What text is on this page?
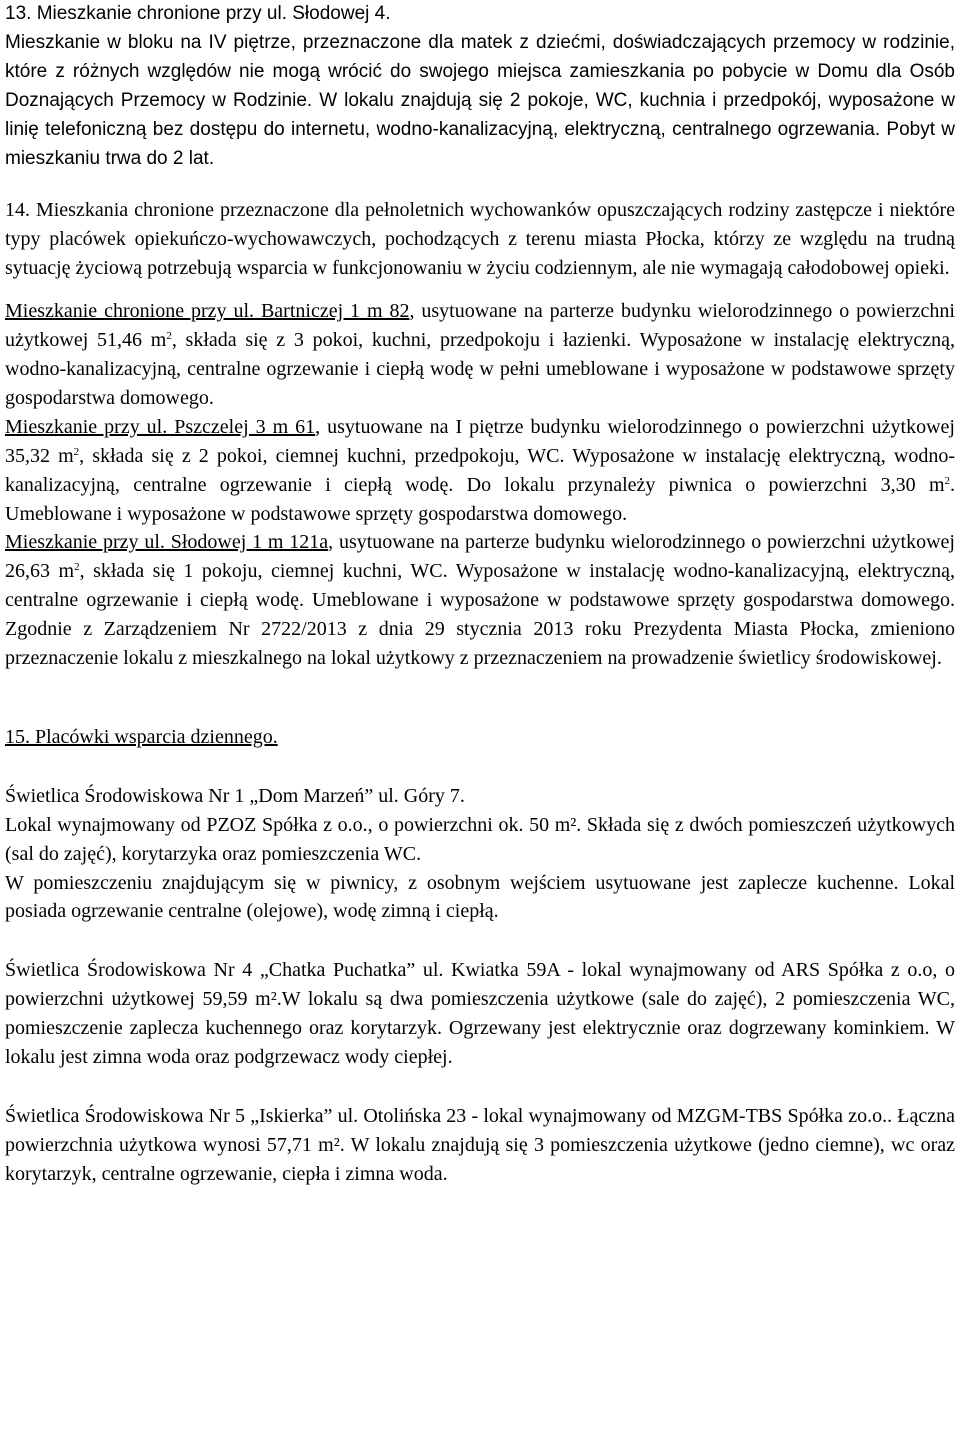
13. Mieszkanie chronione przy ul. Słodowej 4.

Mieszkanie w bloku na IV piętrze, przeznaczone dla matek z dziećmi, doświadczających przemocy w rodzinie, które z różnych względów nie mogą wrócić do swojego miejsca zamieszkania po pobycie w Domu dla Osób Doznających Przemocy w Rodzinie. W lokalu znajdują się 2 pokoje, WC, kuchnia i przedpokój, wyposażone w linię telefoniczną bez dostępu do internetu, wodno-kanalizacyjną, elektryczną, centralnego ogrzewania. Pobyt w mieszkaniu trwa do 2 lat.

14. Mieszkania chronione przeznaczone dla pełnoletnich wychowanków opuszczających rodziny zastępcze i niektóre typy placówek opiekuńczo-wychowawczych, pochodzących z terenu miasta Płocka, którzy ze względu na trudną sytuację życiową potrzebują wsparcia w funkcjonowaniu w życiu codziennym, ale nie wymagają całodobowej opieki.

Mieszkanie chronione przy ul. Bartniczej 1 m 82, usytuowane na parterze budynku wielorodzinnego o powierzchni użytkowej 51,46 $m^2$, składa się z 3 pokoi, kuchni, przedpokoju i łazienki. Wyposażone w instalację elektryczną, wodno-kanalizacyjną, centralne ogrzewanie i ciepłą wodę w pełni umeblowane i wyposażone w podstawowe sprzęty gospodarstwa domowego.

Mieszkanie przy ul. Pszczelej 3 m 61, usytuowane na I piętrze budynku wielorodzinnego o powierzchni użytkowej 35,32 $m^2$, składa się z 2 pokoi, ciemnej kuchni, przedpokoju, WC. Wyposażone w instalację elektryczną, wodno-kanalizacyjną, centralne ogrzewanie i ciepłą wodę. Do lokalu przynależy piwnica o powierzchni 3,30 $m^2$. Umeblowane i wyposażone w podstawowe sprzęty gospodarstwa domowego.

Mieszkanie przy ul. Słodowej 1 m 121a, usytuowane na parterze budynku wielorodzinnego o powierzchni użytkowej 26,63 $m^2$, składa się 1 pokoju, ciemnej kuchni, WC. Wyposażone w instalację wodno-kanalizacyjną, elektryczną, centralne ogrzewanie i ciepłą wodę. Umeblowane i wyposażone w podstawowe sprzęty gospodarstwa domowego. Zgodnie z Zarządzeniem Nr 2722/2013 z dnia 29 stycznia 2013 roku Prezydenta Miasta Płocka, zmieniono przeznaczenie lokalu z mieszkalnego na lokal użytkowy z przeznaczeniem na prowadzenie świetlicy środowiskowej.

15. Placówki wsparcia dziennego.

Świetlica Środowiskowa Nr 1 „Dom Marzeń” ul. Góry 7.

Lokal wynajmowany od PZOZ Spółka z o.o., o powierzchni ok. 50 m². Składa się z dwóch pomieszczeń użytkowych (sal do zajęć), korytarzyka oraz pomieszczenia WC.

W pomieszczeniu znajdującym się w piwnicy, z osobnym wejściem usytuowane jest zaplecze kuchenne. Lokal posiada ogrzewanie centralne (olejowe), wodę zimną i ciepłą.

Świetlica Środowiskowa Nr 4 „Chatka Puchatka” ul. Kwiatka 59A - lokal wynajmowany od ARS Spółka z o.o, o powierzchni użytkowej 59,59 m².W lokalu są dwa pomieszczenia użytkowe (sale do zajęć), 2 pomieszczenia WC, pomieszczenie zaplecza kuchennego oraz korytarzyk. Ogrzewany jest elektrycznie oraz dogrzewany kominkiem. W lokalu jest zimna woda oraz podgrzewacz wody ciepłej.

Świetlica Środowiskowa Nr 5 „Iskierka” ul. Otolińska 23 - lokal wynajmowany od MZGM-TBS Spółka zo.o.. Łączna powierzchnia użytkowa wynosi 57,71 m². W lokalu znajdują się 3 pomieszczenia użytkowe (jedno ciemne), wc oraz korytarzyk, centralne ogrzewanie, ciepła i zimna woda.
